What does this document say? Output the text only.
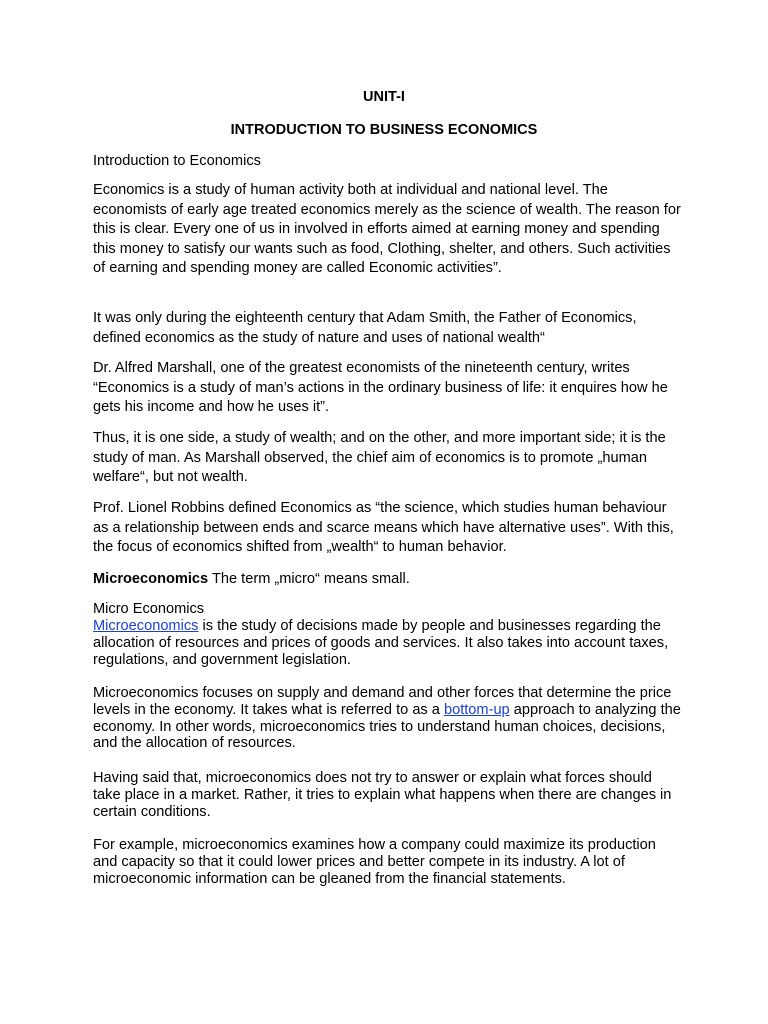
UNIT-I
INTRODUCTION TO BUSINESS ECONOMICS

Introduction to Economics

Economics is a study of human activity both at individual and national level. The economists of early age treated economics merely as the science of wealth. The reason for this is clear. Every one of us in involved in efforts aimed at earning money and spending this money to satisfy our wants such as food, Clothing, shelter, and others. Such activities of earning and spending money are called Economic activities”.

It was only during the eighteenth century that Adam Smith, the Father of Economics, defined economics as the study of nature and uses of national wealth“

Dr. Alfred Marshall, one of the greatest economists of the nineteenth century, writes “Economics is a study of man’s actions in the ordinary business of life: it enquires how he gets his income and how he uses it”.

Thus, it is one side, a study of wealth; and on the other, and more important side; it is the study of man. As Marshall observed, the chief aim of economics is to promote „human welfare“, but not wealth.

Prof. Lionel Robbins defined Economics as “the science, which studies human behaviour as a relationship between ends and scarce means which have alternative uses”. With this, the focus of economics shifted from „wealth“ to human behavior.

Microeconomics The term „micro“ means small.

Micro Economics

Microeconomics is the study of decisions made by people and businesses regarding the allocation of resources and prices of goods and services. It also takes into account taxes, regulations, and government legislation.

Microeconomics focuses on supply and demand and other forces that determine the price levels in the economy. It takes what is referred to as a bottom-up approach to analyzing the economy. In other words, microeconomics tries to understand human choices, decisions, and the allocation of resources.

Having said that, microeconomics does not try to answer or explain what forces should take place in a market. Rather, it tries to explain what happens when there are changes in certain conditions.

For example, microeconomics examines how a company could maximize its production and capacity so that it could lower prices and better compete in its industry. A lot of microeconomic information can be gleaned from the financial statements.
